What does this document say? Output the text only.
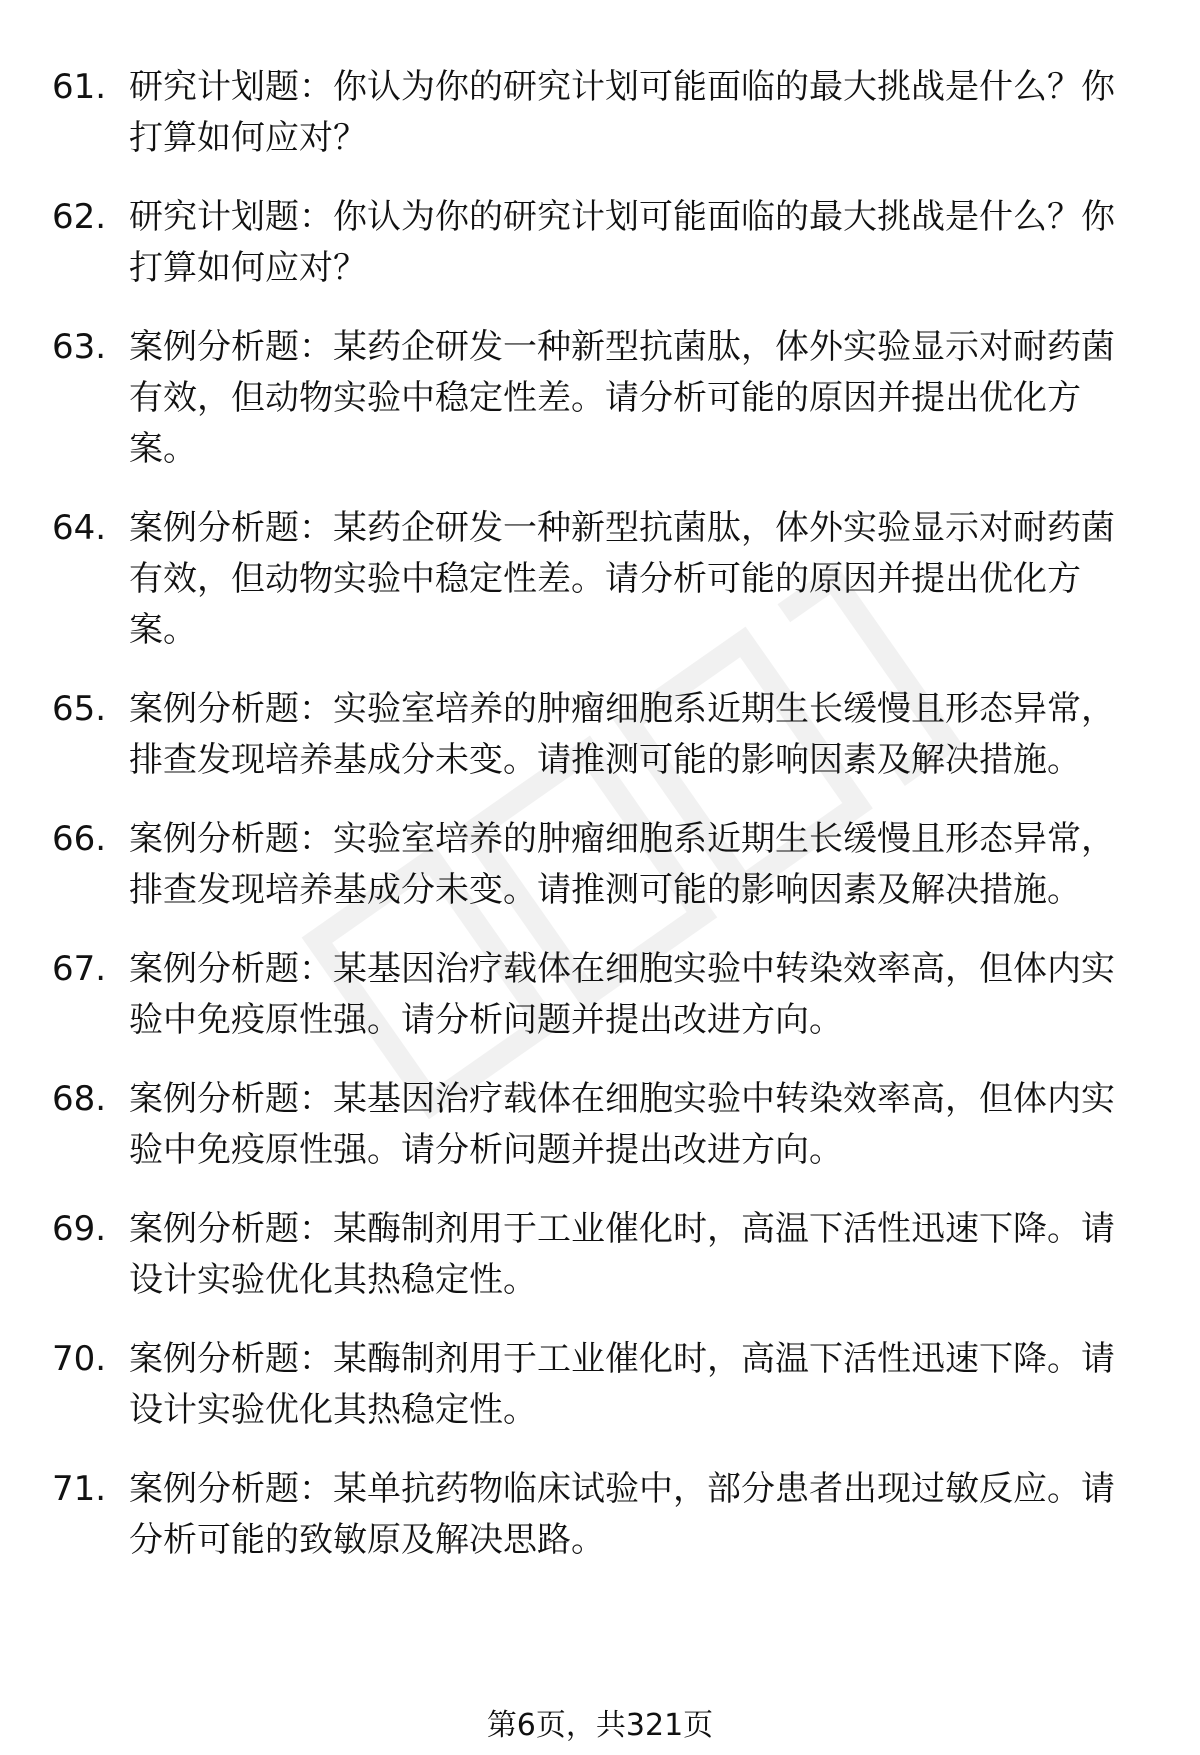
61. 研究计划题：你认为你的研究计划可能面临的最大挑战是什么？你打算如何应对？
62. 研究计划题：你认为你的研究计划可能面临的最大挑战是什么？你打算如何应对？
63. 案例分析题：某药企研发一种新型抗菌肽，体外实验显示对耐药菌有效，但动物实验中稳定性差。请分析可能的原因并提出优化方案。
64. 案例分析题：某药企研发一种新型抗菌肽，体外实验显示对耐药菌有效，但动物实验中稳定性差。请分析可能的原因并提出优化方案。
65. 案例分析题：实验室培养的肿瘤细胞系近期生长缓慢且形态异常，排查发现培养基成分未变。请推测可能的影响因素及解决措施。
66. 案例分析题：实验室培养的肿瘤细胞系近期生长缓慢且形态异常，排查发现培养基成分未变。请推测可能的影响因素及解决措施。
67. 案例分析题：某基因治疗载体在细胞实验中转染效率高，但体内实验中免疫原性强。请分析问题并提出改进方向。
68. 案例分析题：某基因治疗载体在细胞实验中转染效率高，但体内实验中免疫原性强。请分析问题并提出改进方向。
69. 案例分析题：某酶制剂用于工业催化时，高温下活性迅速下降。请设计实验优化其热稳定性。
70. 案例分析题：某酶制剂用于工业催化时，高温下活性迅速下降。请设计实验优化其热稳定性。
71. 案例分析题：某单抗药物临床试验中，部分患者出现过敏反应。请分析可能的致敏原及解决思路。
第6页，共321页
